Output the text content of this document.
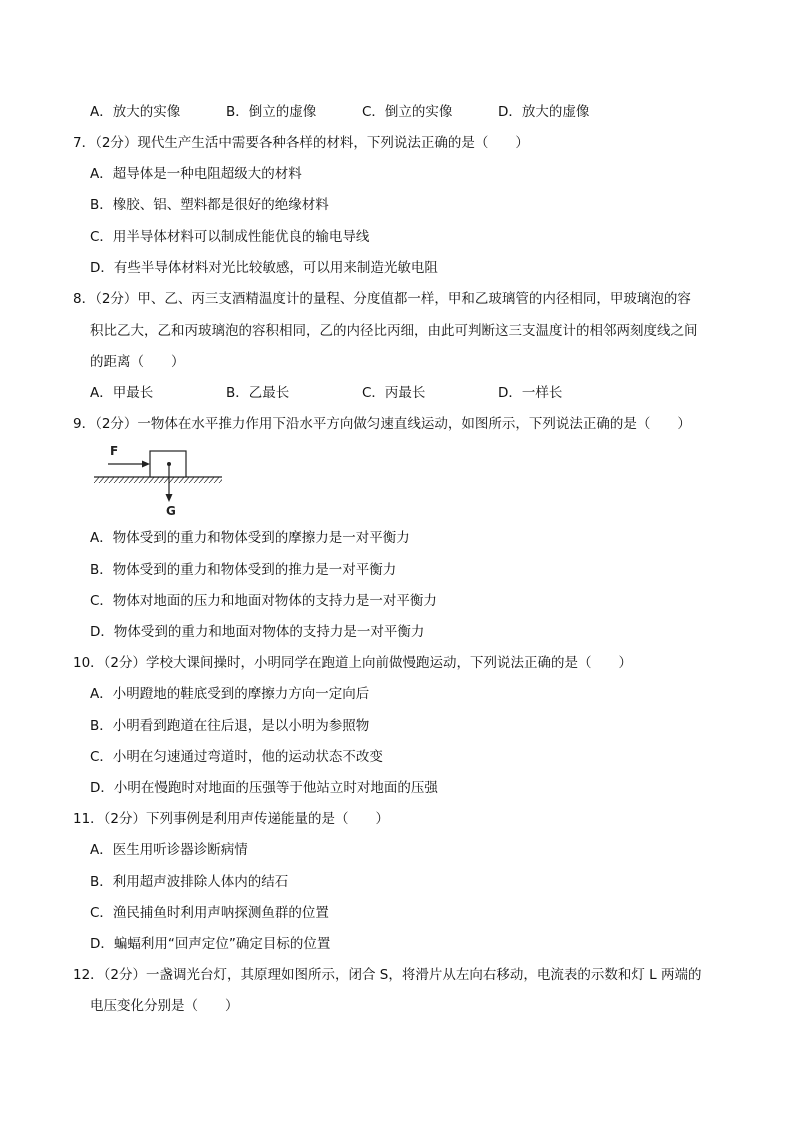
A．放大的实像	B．倒立的虚像	C．倒立的实像	D．放大的虚像
7．（2分）现代生产生活中需要各种各样的材料，下列说法正确的是（　　）
A．超导体是一种电阻超级大的材料
B．橡胶、铝、塑料都是很好的绝缘材料
C．用半导体材料可以制成性能优良的输电导线
D．有些半导体材料对光比较敏感，可以用来制造光敏电阻
8．（2分）甲、乙、丙三支酒精温度计的量程、分度值都一样，甲和乙玻璃管的内径相同，甲玻璃泡的容
积比乙大，乙和丙玻璃泡的容积相同，乙的内径比丙细，由此可判断这三支温度计的相邻两刻度线之间
的距离（　　）
A．甲最长	B．乙最长	C．丙最长	D．一样长
9．（2分）一物体在水平推力作用下沿水平方向做匀速直线运动，如图所示，下列说法正确的是（　　）
F
G
A．物体受到的重力和物体受到的摩擦力是一对平衡力
B．物体受到的重力和物体受到的推力是一对平衡力
C．物体对地面的压力和地面对物体的支持力是一对平衡力
D．物体受到的重力和地面对物体的支持力是一对平衡力
10．（2分）学校大课间操时，小明同学在跑道上向前做慢跑运动，下列说法正确的是（　　）
A．小明蹬地的鞋底受到的摩擦力方向一定向后
B．小明看到跑道在往后退，是以小明为参照物
C．小明在匀速通过弯道时，他的运动状态不改变
D．小明在慢跑时对地面的压强等于他站立时对地面的压强
11．（2分）下列事例是利用声传递能量的是（　　）
A．医生用听诊器诊断病情
B．利用超声波排除人体内的结石
C．渔民捕鱼时利用声呐探测鱼群的位置
D．蝙蝠利用“回声定位”确定目标的位置
12．（2分）一盏调光台灯，其原理如图所示，闭合 S，将滑片从左向右移动，电流表的示数和灯 L 两端的
电压变化分别是（　　）
